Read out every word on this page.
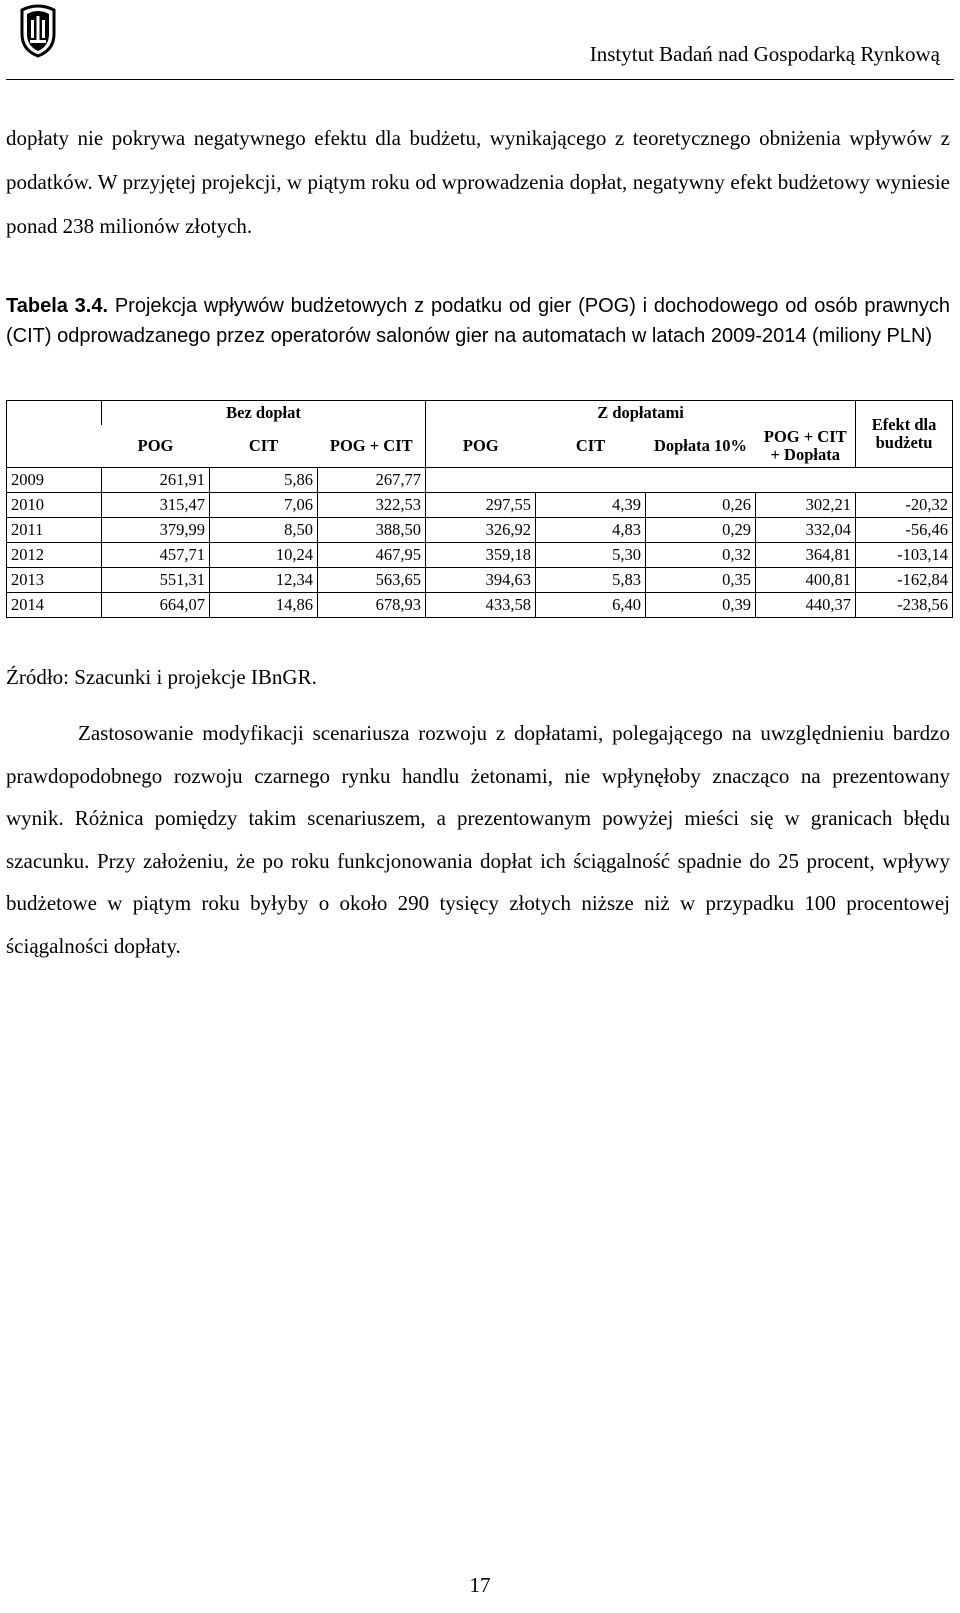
Instytut Badań nad Gospodarką Rynkową

dopłaty nie pokrywa negatywnego efektu dla budżetu, wynikającego z teoretycznego obniżenia wpływów z podatków. W przyjętej projekcji, w piątym roku od wprowadzenia dopłat, negatywny efekt budżetowy wyniesie ponad 238 milionów złotych.

Tabela 3.4. Projekcja wpływów budżetowych z podatku od gier (POG) i dochodowego od osób prawnych (CIT) odprowadzanego przez operatorów salonów gier na automatach w latach 2009-2014 (miliony PLN)

	Bez dopłat			Z dopłatami				Efekt dla budżetu
	POG	CIT	POG + CIT	POG	CIT	Dopłata 10%	POG + CIT + Dopłata	
2009	261,91	5,86	267,77					
2010	315,47	7,06	322,53	297,55	4,39	0,26	302,21	-20,32
2011	379,99	8,50	388,50	326,92	4,83	0,29	332,04	-56,46
2012	457,71	10,24	467,95	359,18	5,30	0,32	364,81	-103,14
2013	551,31	12,34	563,65	394,63	5,83	0,35	400,81	-162,84
2014	664,07	14,86	678,93	433,58	6,40	0,39	440,37	-238,56

Źródło: Szacunki i projekcje IBnGR.

Zastosowanie modyfikacji scenariusza rozwoju z dopłatami, polegającego na uwzględnieniu bardzo prawdopodobnego rozwoju czarnego rynku handlu żetonami, nie wpłynęłoby znacząco na prezentowany wynik. Różnica pomiędzy takim scenariuszem, a prezentowanym powyżej mieści się w granicach błędu szacunku. Przy założeniu, że po roku funkcjonowania dopłat ich ściągalność spadnie do 25 procent, wpływy budżetowe w piątym roku byłyby o około 290 tysięcy złotych niższe niż w przypadku 100 procentowej ściągalności dopłaty.

17
